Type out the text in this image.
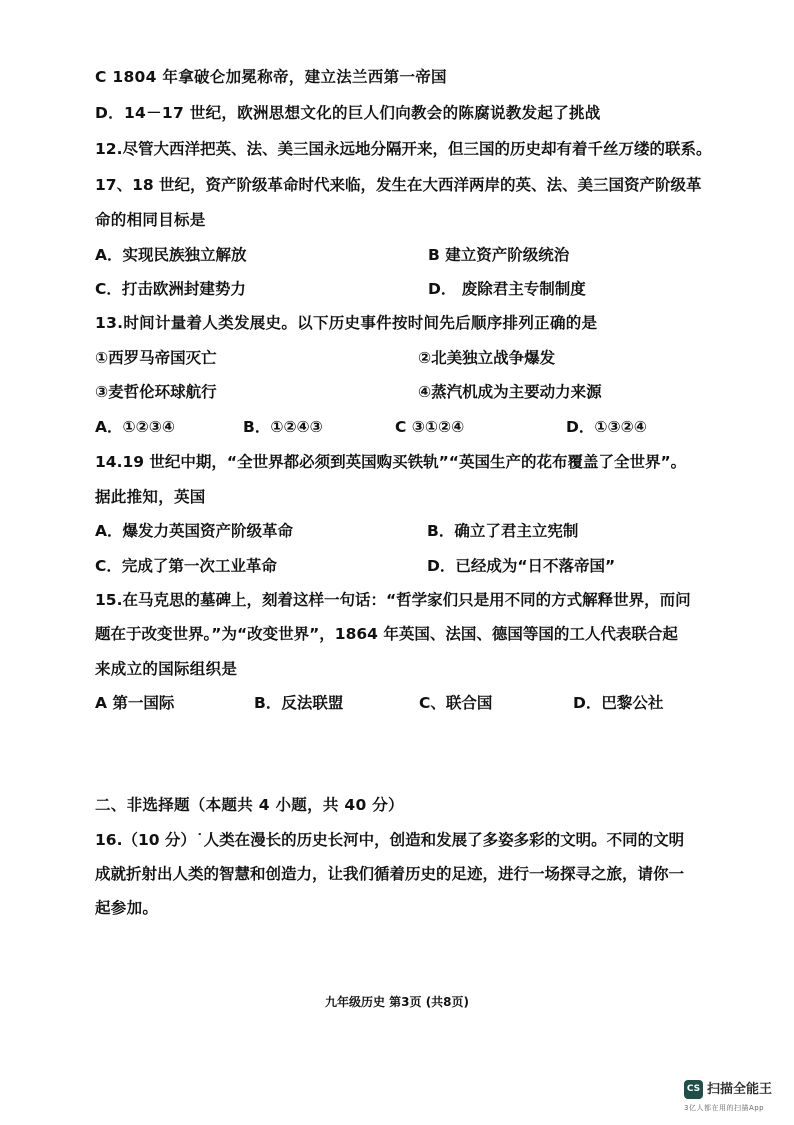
C 1804 年拿破仑加冕称帝，建立法兰西第一帝国
D．14－17 世纪，欧洲思想文化的巨人们向教会的陈腐说教发起了挑战
12.尽管大西洋把英、法、美三国永远地分隔开来，但三国的历史却有着千丝万缕的联系。
17、18 世纪，资产阶级革命时代来临，发生在大西洋两岸的英、法、美三国资产阶级革
命的相同目标是
A．实现民族独立解放	B 建立资产阶级统治
C．打击欧洲封建势力	D． 废除君主专制制度
13.时间计量着人类发展史。以下历史事件按时间先后顺序排列正确的是
①西罗马帝国灭亡	②北美独立战争爆发
③麦哲伦环球航行	④蒸汽机成为主要动力来源
A．①②③④	B．①②④③	C ③①②④	D．①③②④
14.19 世纪中期，“全世界都必须到英国购买铁轨”“英国生产的花布覆盖了全世界”。
据此推知，英国
A．爆发力英国资产阶级革命	B．确立了君主立宪制
C．完成了第一次工业革命	D．已经成为“日不落帝国”
15.在马克思的墓碑上，刻着这样一句话：“哲学家们只是用不同的方式解释世界，而问
题在于改变世界。”为“改变世界”，1864 年英国、法国、德国等国的工人代表联合起
来成立的国际组织是
A 第一国际	B．反法联盟	C、联合国	D．巴黎公社
二、非选择题（本题共 4 小题，共 40 分）
16.（10 分）˙人类在漫长的历史长河中，创造和发展了多姿多彩的文明。不同的文明
成就折射出人类的智慧和创造力，让我们循着历史的足迹，进行一场探寻之旅，请你一
起参加。
九年级历史 第3页 (共8页)
CS 扫描全能王
3亿人都在用的扫描App
